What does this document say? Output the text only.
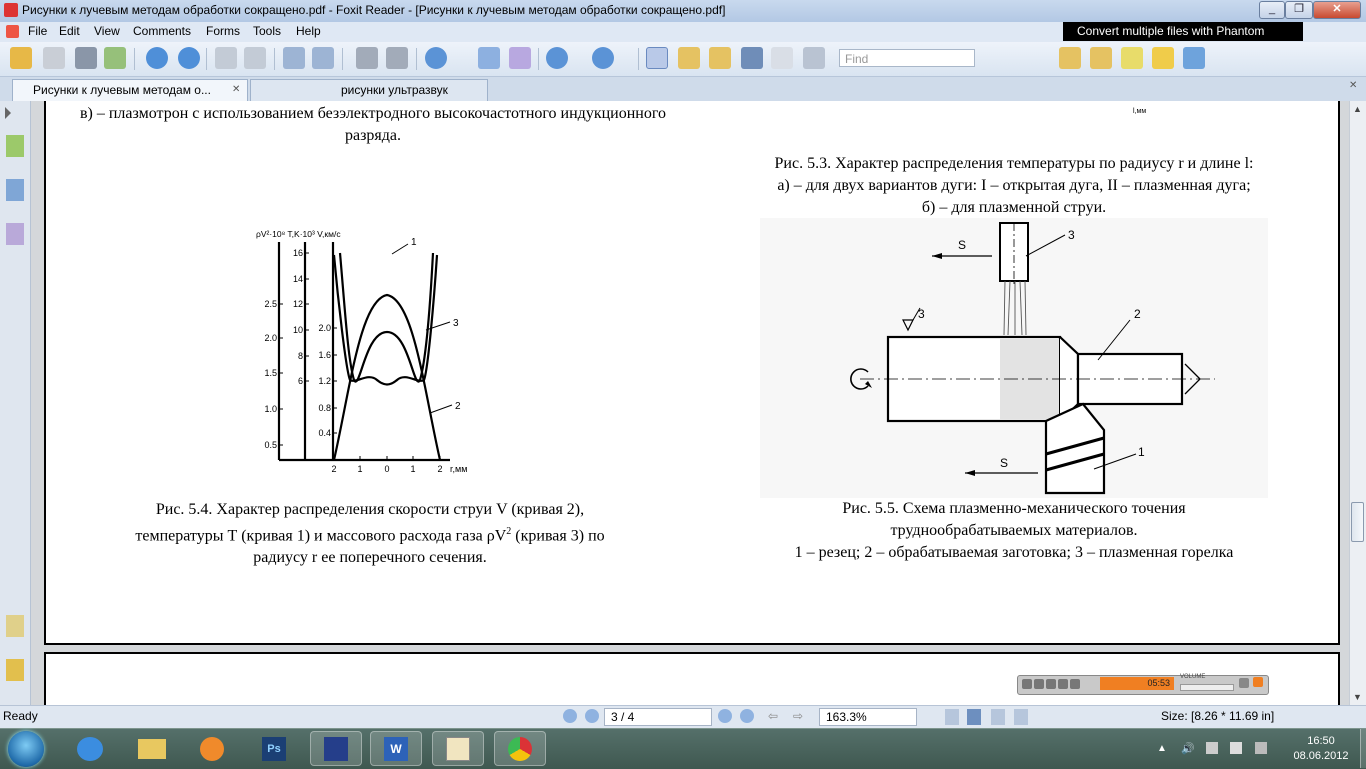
Рисунки к лучевым методам обработки сокращено.pdf - Foxit Reader - [Рисунки к лучевым методам обработки сокращено.pdf]	_	❐	✕
File Edit View Comments Forms Tools Help	Convert multiple files with Phantom
Find
Рисунки к лучевым методам о...	✕	рисунки ультразвук	✕
в) – плазмотрон с использованием безэлектродного высокочастотного индукционного разряда.
l,мм
Рис. 5.3. Характер распределения температуры по радиусу r и длине l:
а) – для двух вариантов дуги: I – открытая дуга, II – плазменная дуга;
б) – для плазменной струи.
ρV²·10⁸ T,K·10³ V,км/с
2.5
2.0
1.5
1.0
0.5
16
14
12
10
8
6
2.0
1.6
1.2
0.8
0.4
2 1 0 1 2
1
3
2
r,мм
Рис. 5.4. Характер распределения скорости струи V (кривая 2),
температуры Т (кривая 1) и массового расхода газа $\rho V^2$ (кривая 3) по
радиусу r ее поперечного сечения.
S
3
3	2
1
S
Рис. 5.5. Схема плазменно-механического точения
труднообрабатываемых материалов.
1 – резец; 2 – обрабатываемая заготовка; 3 – плазменная горелка
05:53
VOLUME
▲
▼
Ready	3 / 4	⇦ ⇨	163.3%	Size: [8.26 * 11.69 in]
Ps	W	▲ 🔊
16:50
08.06.2012
